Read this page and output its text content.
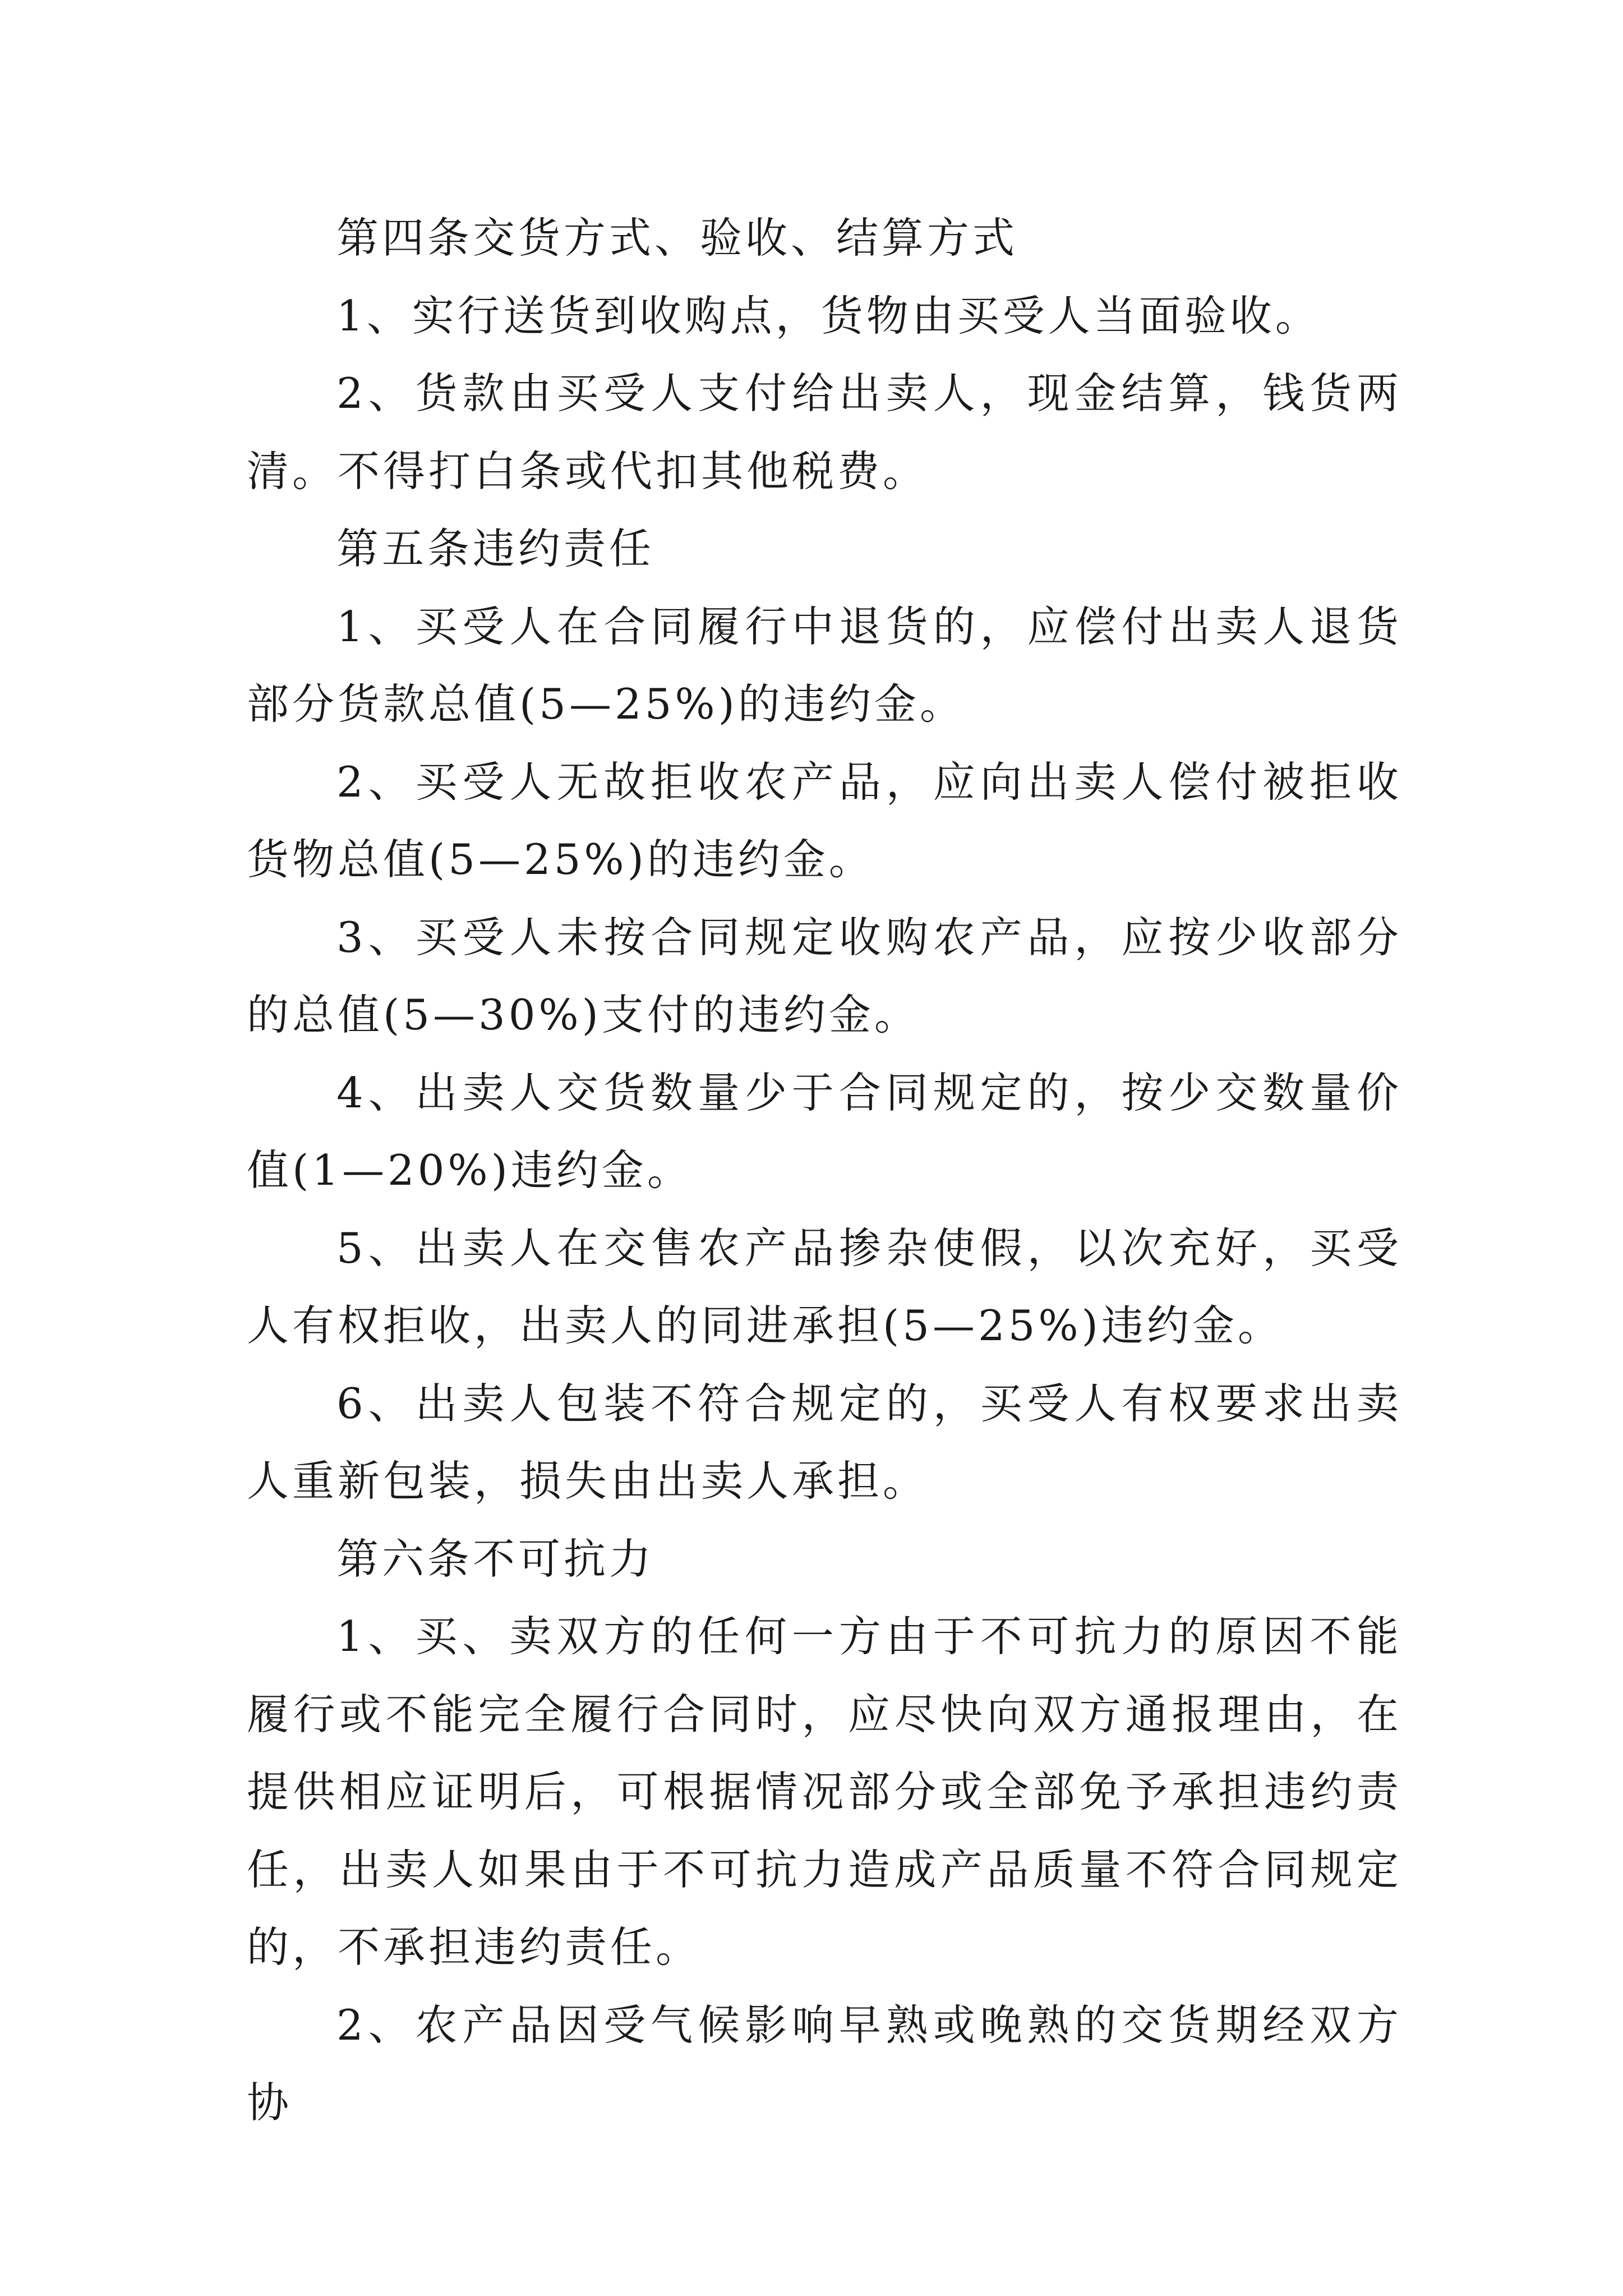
第四条交货方式、验收、结算方式

1、实行送货到收购点，货物由买受人当面验收。

2、货款由买受人支付给出卖人，现金结算，钱货两清。不得打白条或代扣其他税费。

第五条违约责任

1、买受人在合同履行中退货的，应偿付出卖人退货部分货款总值(5—25%)的违约金。

2、买受人无故拒收农产品，应向出卖人偿付被拒收货物总值(5—25%)的违约金。

3、买受人未按合同规定收购农产品，应按少收部分的总值(5—30%)支付的违约金。

4、出卖人交货数量少于合同规定的，按少交数量价值(1—20%)违约金。

5、出卖人在交售农产品掺杂使假，以次充好，买受人有权拒收，出卖人的同进承担(5—25%)违约金。

6、出卖人包装不符合规定的，买受人有权要求出卖人重新包装，损失由出卖人承担。

第六条不可抗力

1、买、卖双方的任何一方由于不可抗力的原因不能履行或不能完全履行合同时，应尽快向双方通报理由，在提供相应证明后，可根据情况部分或全部免予承担违约责任，出卖人如果由于不可抗力造成产品质量不符合同规定的，不承担违约责任。

2、农产品因受气候影响早熟或晚熟的交货期经双方协
